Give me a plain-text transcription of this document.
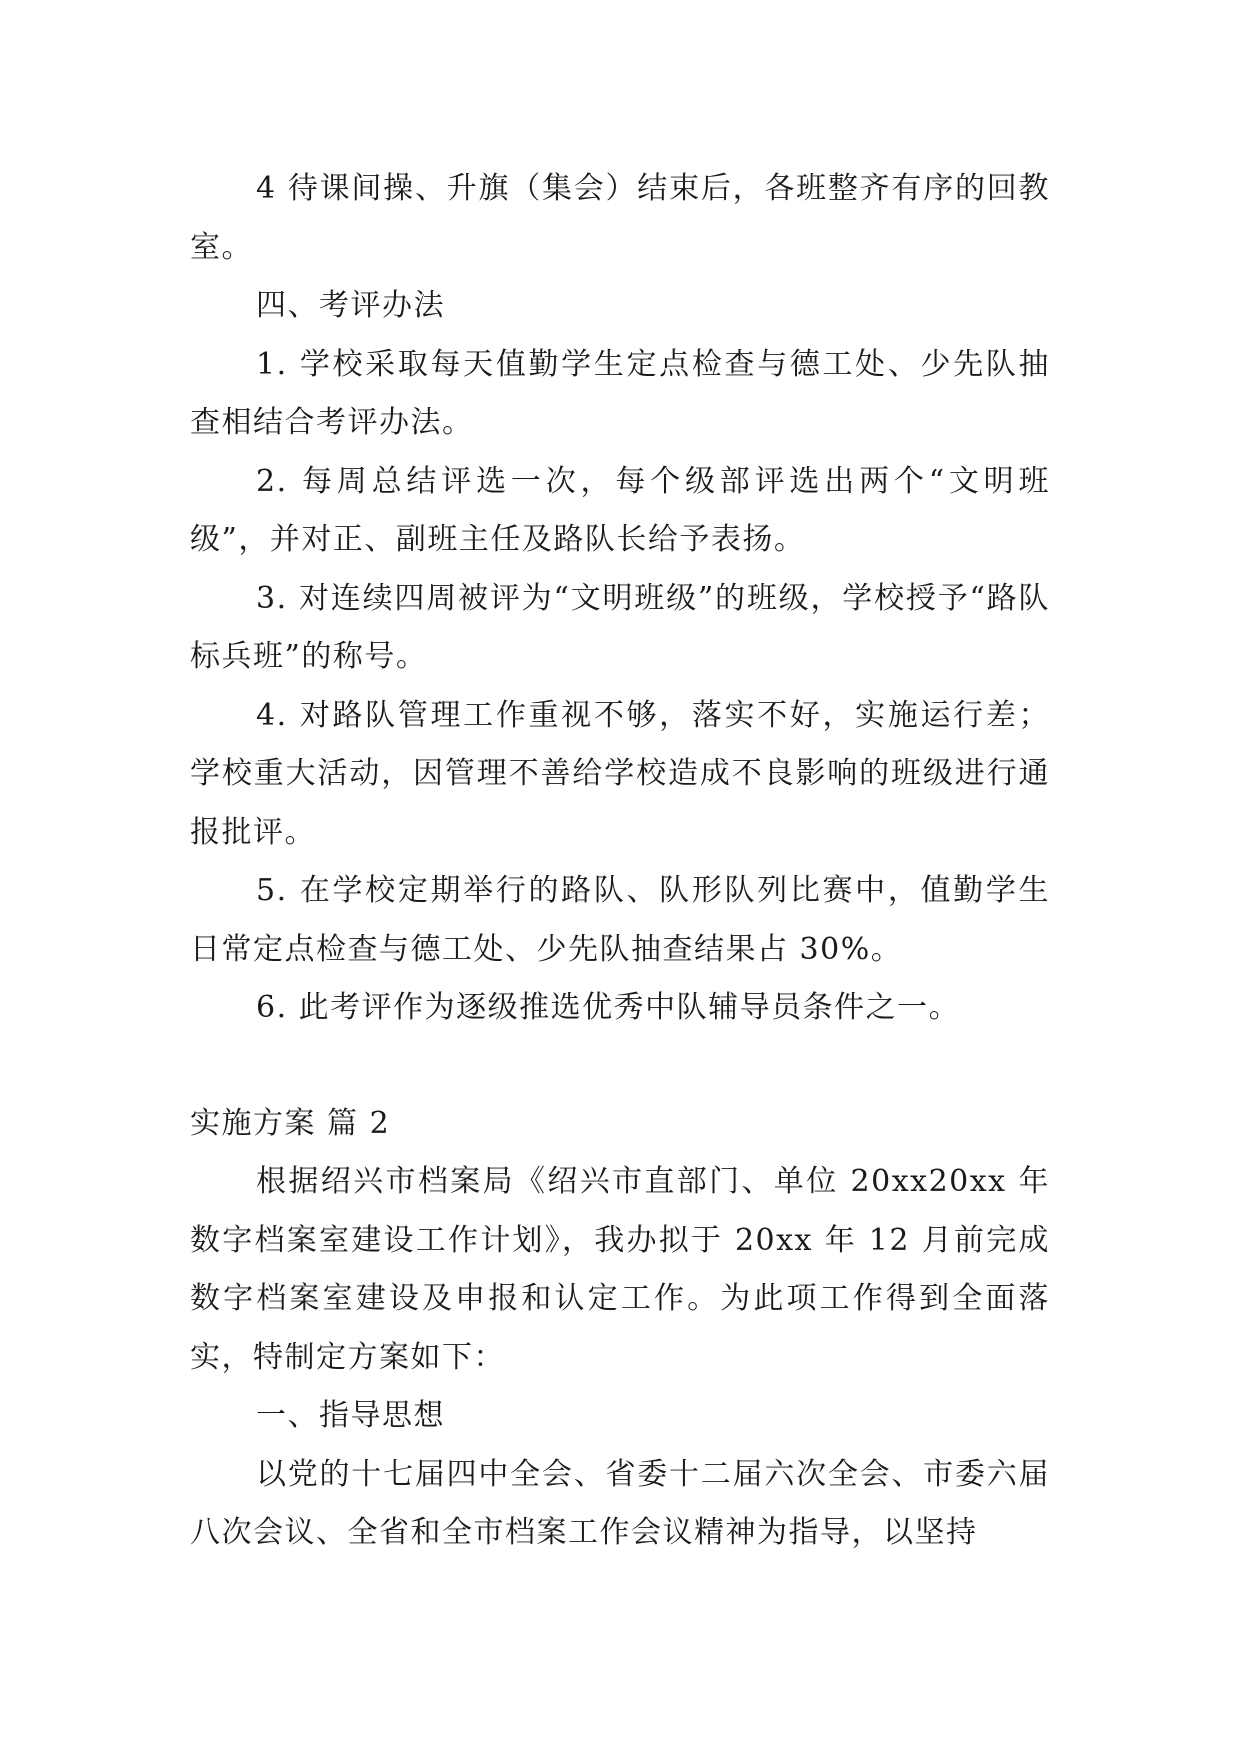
4 待课间操、升旗（集会）结束后，各班整齐有序的回教室。

四、考评办法

1. 学校采取每天值勤学生定点检查与德工处、少先队抽查相结合考评办法。

2. 每周总结评选一次，每个级部评选出两个“文明班级”，并对正、副班主任及路队长给予表扬。

3. 对连续四周被评为“文明班级”的班级，学校授予“路队标兵班”的称号。

4. 对路队管理工作重视不够，落实不好，实施运行差；学校重大活动，因管理不善给学校造成不良影响的班级进行通报批评。

5. 在学校定期举行的路队、队形队列比赛中，值勤学生日常定点检查与德工处、少先队抽查结果占 30%。

6. 此考评作为逐级推选优秀中队辅导员条件之一。

实施方案 篇 2

根据绍兴市档案局《绍兴市直部门、单位 20xx20xx 年数字档案室建设工作计划》，我办拟于 20xx 年 12 月前完成数字档案室建设及申报和认定工作。为此项工作得到全面落实，特制定方案如下：

一、指导思想

以党的十七届四中全会、省委十二届六次全会、市委六届八次会议、全省和全市档案工作会议精神为指导，以坚持
